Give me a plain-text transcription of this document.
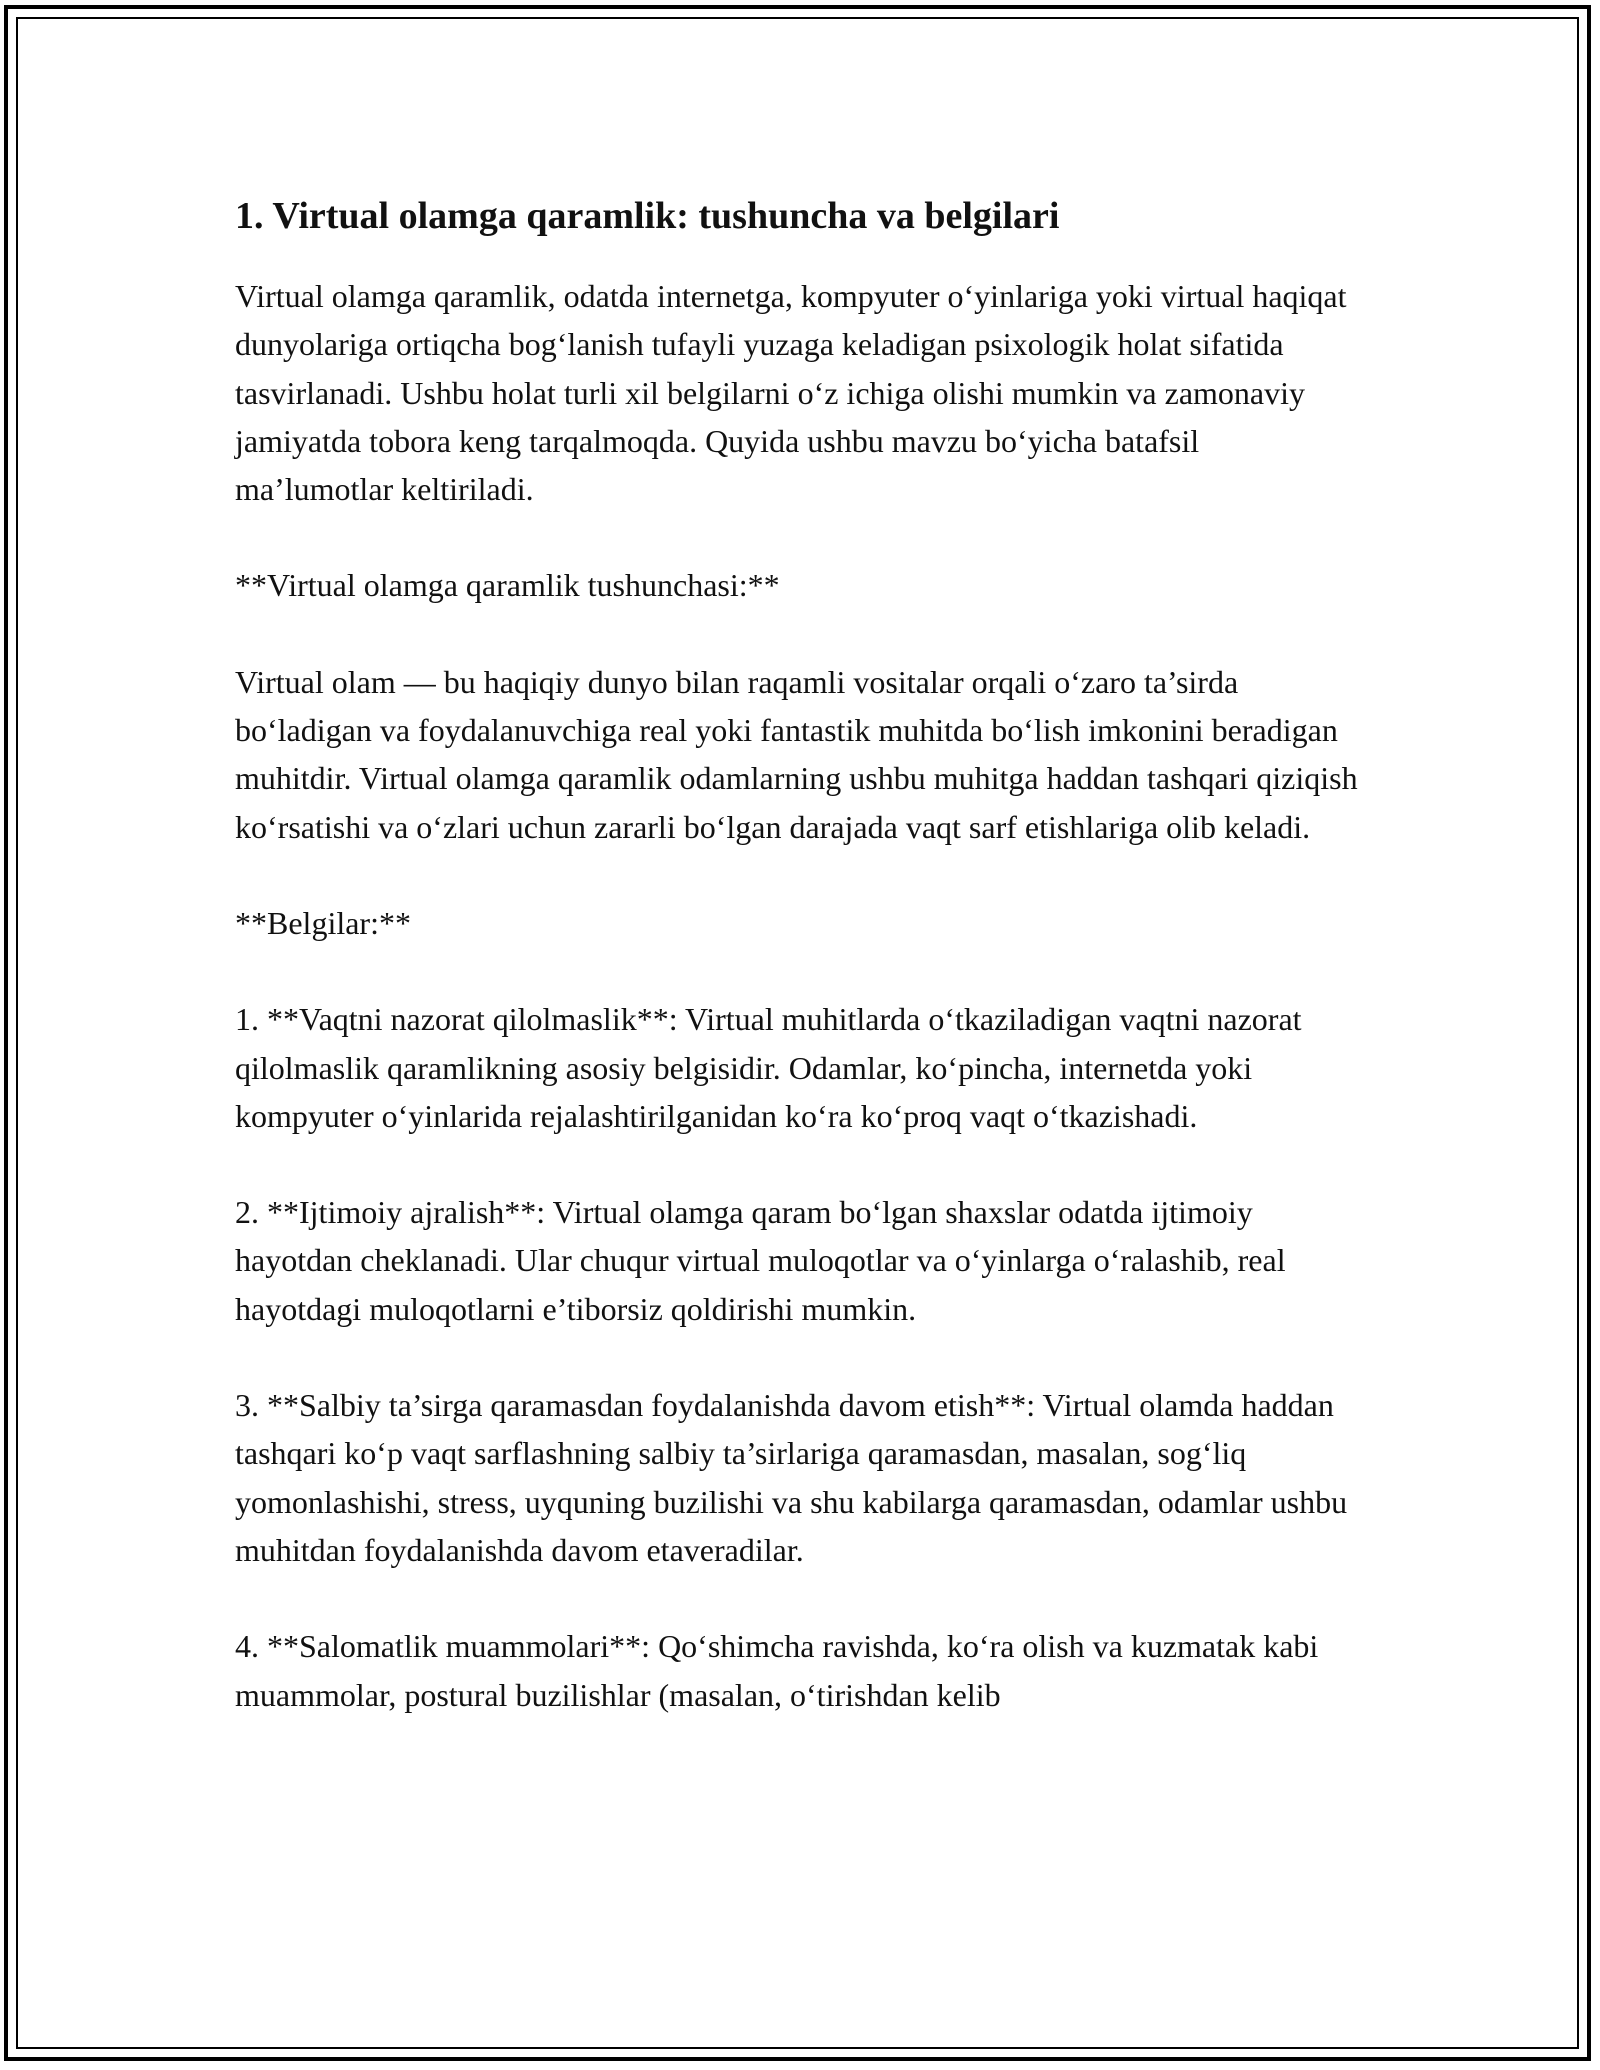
1. Virtual olamga qaramlik: tushuncha va belgilari

Virtual olamga qaramlik, odatda internetga, kompyuter o‘yinlariga yoki virtual haqiqat dunyolariga ortiqcha bog‘lanish tufayli yuzaga keladigan psixologik holat sifatida tasvirlanadi. Ushbu holat turli xil belgilarni o‘z ichiga olishi mumkin va zamonaviy jamiyatda tobora keng tarqalmoqda. Quyida ushbu mavzu bo‘yicha batafsil ma’lumotlar keltiriladi.

**Virtual olamga qaramlik tushunchasi:**

Virtual olam — bu haqiqiy dunyo bilan raqamli vositalar orqali o‘zaro ta’sirda bo‘ladigan va foydalanuvchiga real yoki fantastik muhitda bo‘lish imkonini beradigan muhitdir. Virtual olamga qaramlik odamlarning ushbu muhitga haddan tashqari qiziqish ko‘rsatishi va o‘zlari uchun zararli bo‘lgan darajada vaqt sarf etishlariga olib keladi.

**Belgilar:**

1. **Vaqtni nazorat qilolmaslik**: Virtual muhitlarda o‘tkaziladigan vaqtni nazorat qilolmaslik qaramlikning asosiy belgisidir. Odamlar, ko‘pincha, internetda yoki kompyuter o‘yinlarida rejalashtirilganidan ko‘ra ko‘proq vaqt o‘tkazishadi.

2. **Ijtimoiy ajralish**: Virtual olamga qaram bo‘lgan shaxslar odatda ijtimoiy hayotdan cheklanadi. Ular chuqur virtual muloqotlar va o‘yinlarga o‘ralashib, real hayotdagi muloqotlarni e’tiborsiz qoldirishi mumkin.

3. **Salbiy ta’sirga qaramasdan foydalanishda davom etish**: Virtual olamda haddan tashqari ko‘p vaqt sarflashning salbiy ta’sirlariga qaramasdan, masalan, sog‘liq yomonlashishi, stress, uyquning buzilishi va shu kabilarga qaramasdan, odamlar ushbu muhitdan foydalanishda davom etaveradilar.

4. **Salomatlik muammolari**: Qo‘shimcha ravishda, ko‘ra olish va kuzmatak kabi muammolar, postural buzilishlar (masalan, o‘tirishdan kelib
